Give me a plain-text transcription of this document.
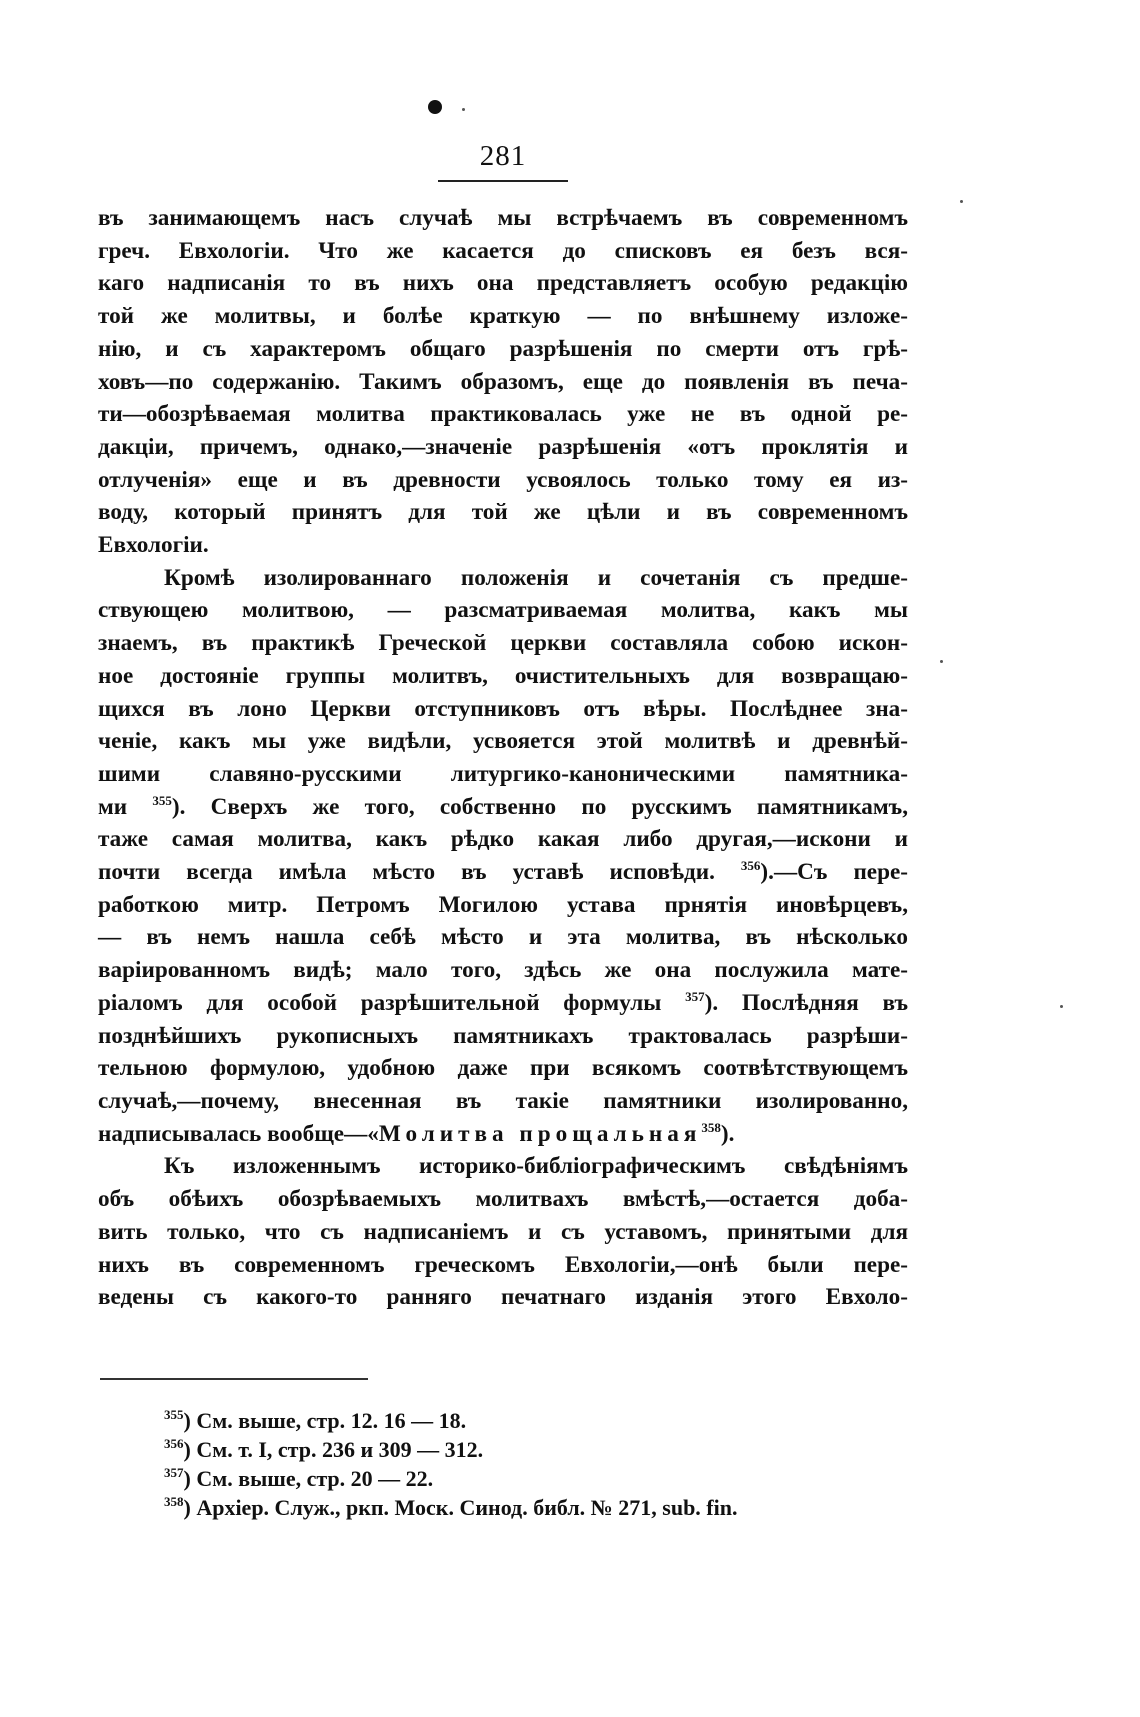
281

въ занимающемъ насъ случаѣ мы встрѣчаемъ въ современномъ
греч. Евхологіи. Что же касается до списковъ ея безъ вся-
каго надписанія то въ нихъ она представляетъ особую редакцію
той же молитвы, и болѣе краткую — по внѣшнему изложе-
нію, и съ характеромъ общаго разрѣшенія по смерти отъ грѣ-
ховъ—по содержанію. Такимъ образомъ, еще до появленія въ печа-
ти—обозрѣваемая молитва практиковалась уже не въ одной ре-
дакціи, причемъ, однако,—значеніе разрѣшенія «отъ проклятія и
отлученія» еще и въ древности усвоялось только тому ея из-
воду, который принятъ для той же цѣли и въ современномъ
Евхологіи.

Кромѣ изолированнаго положенія и сочетанія съ предше-
ствующею молитвою, — разсматриваемая молитва, какъ мы
знаемъ, въ практикѣ Греческой церкви составляла собою искон-
ное достояніе группы молитвъ, очистительныхъ для возвращаю-
щихся въ лоно Церкви отступниковъ отъ вѣры. Послѣднее зна-
ченіе, какъ мы уже видѣли, усвояется этой молитвѣ и древнѣй-
шими славяно-русскими литургико-каноническими памятника-
ми $^{355}$). Сверхъ же того, собственно по русскимъ памятникамъ,
таже самая молитва, какъ рѣдко какая либо другая,—искони и
почти всегда имѣла мѣсто въ уставѣ исповѣди. $^{356}$).—Съ пере-
работкою митр. Петромъ Могилою устава прнятія иновѣрцевъ,
— въ немъ нашла себѣ мѣсто и эта молитва, въ нѣсколько
варіированномъ видѣ; мало того, здѣсь же она послужила мате-
ріаломъ для особой разрѣшительной формулы $^{357}$). Послѣдняя въ
позднѣйшихъ рукописныхъ памятникахъ трактовалась разрѣши-
тельною формулою, удобною даже при всякомъ соотвѣтствующемъ
случаѣ,—почему, внесенная въ такіе памятники изолированно,
надписывалась вообще—«Молитва прощальная$^{358}$).

Къ изложеннымъ историко-библіографическимъ свѣдѣніямъ
объ обѣихъ обозрѣваемыхъ молитвахъ вмѣстѣ,—остается доба-
вить только, что съ надписаніемъ и съ уставомъ, принятыми для
нихъ въ современномъ греческомъ Евхологіи,—онѣ были пере-
ведены съ какого-то ранняго печатнаго изданія этого Евхоло-

$^{355}$) См. выше, стр. 12. 16 — 18.
$^{356}$) См. т. I, стр. 236 и 309 — 312.
$^{357}$) См. выше, стр. 20 — 22.
$^{358}$) Архіер. Служ., ркп. Моск. Синод. библ. № 271, sub. fin.
